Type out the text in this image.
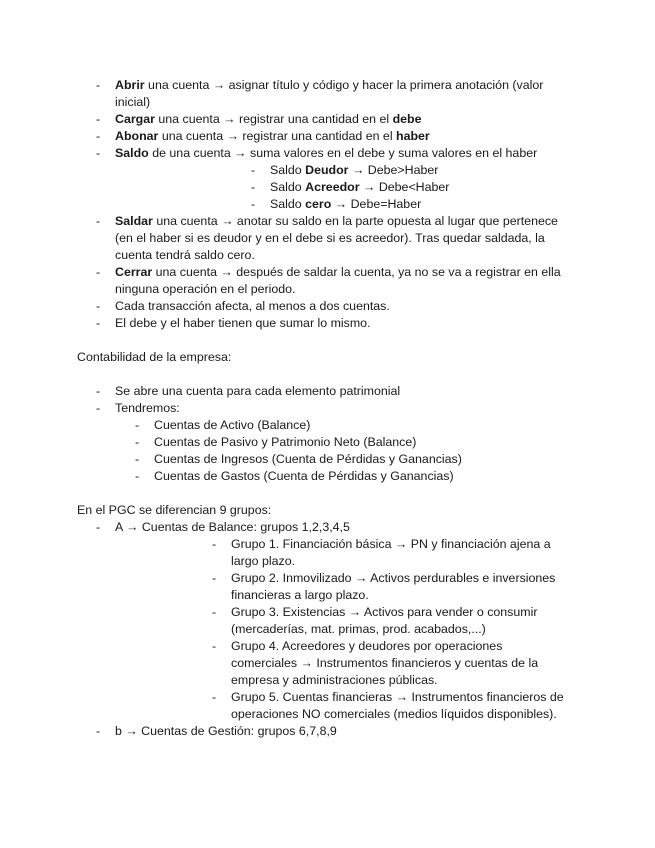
- Abrir una cuenta → asignar título y código y hacer la primera anotación (valor
inicial)
- Cargar una cuenta → registrar una cantidad en el debe
- Abonar una cuenta → registrar una cantidad en el haber
- Saldo de una cuenta → suma valores en el debe y suma valores en el haber
- Saldo Deudor → Debe>Haber
- Saldo Acreedor → Debe<Haber
- Saldo cero → Debe=Haber
- Saldar una cuenta → anotar su saldo en la parte opuesta al lugar que pertenece
(en el haber si es deudor y en el debe si es acreedor). Tras quedar saldada, la
cuenta tendrá saldo cero.
- Cerrar una cuenta → después de saldar la cuenta, ya no se va a registrar en ella
ninguna operación en el periodo.
- Cada transacción afecta, al menos a dos cuentas.
- El debe y el haber tienen que sumar lo mismo.
Contabilidad de la empresa:
- Se abre una cuenta para cada elemento patrimonial
- Tendremos:
- Cuentas de Activo (Balance)
- Cuentas de Pasivo y Patrimonio Neto (Balance)
- Cuentas de Ingresos (Cuenta de Pérdidas y Ganancias)
- Cuentas de Gastos (Cuenta de Pérdidas y Ganancias)
En el PGC se diferencian 9 grupos:
- A → Cuentas de Balance: grupos 1,2,3,4,5
- Grupo 1. Financiación básica → PN y financiación ajena a
largo plazo.
- Grupo 2. Inmovilizado → Activos perdurables e inversiones
financieras a largo plazo.
- Grupo 3. Existencias → Activos para vender o consumir
(mercaderías, mat. primas, prod. acabados,...)
- Grupo 4. Acreedores y deudores por operaciones
comerciales → Instrumentos financieros y cuentas de la
empresa y administraciones públicas.
- Grupo 5. Cuentas financieras → Instrumentos financieros de
operaciones NO comerciales (medios líquidos disponibles).
- b → Cuentas de Gestión: grupos 6,7,8,9
